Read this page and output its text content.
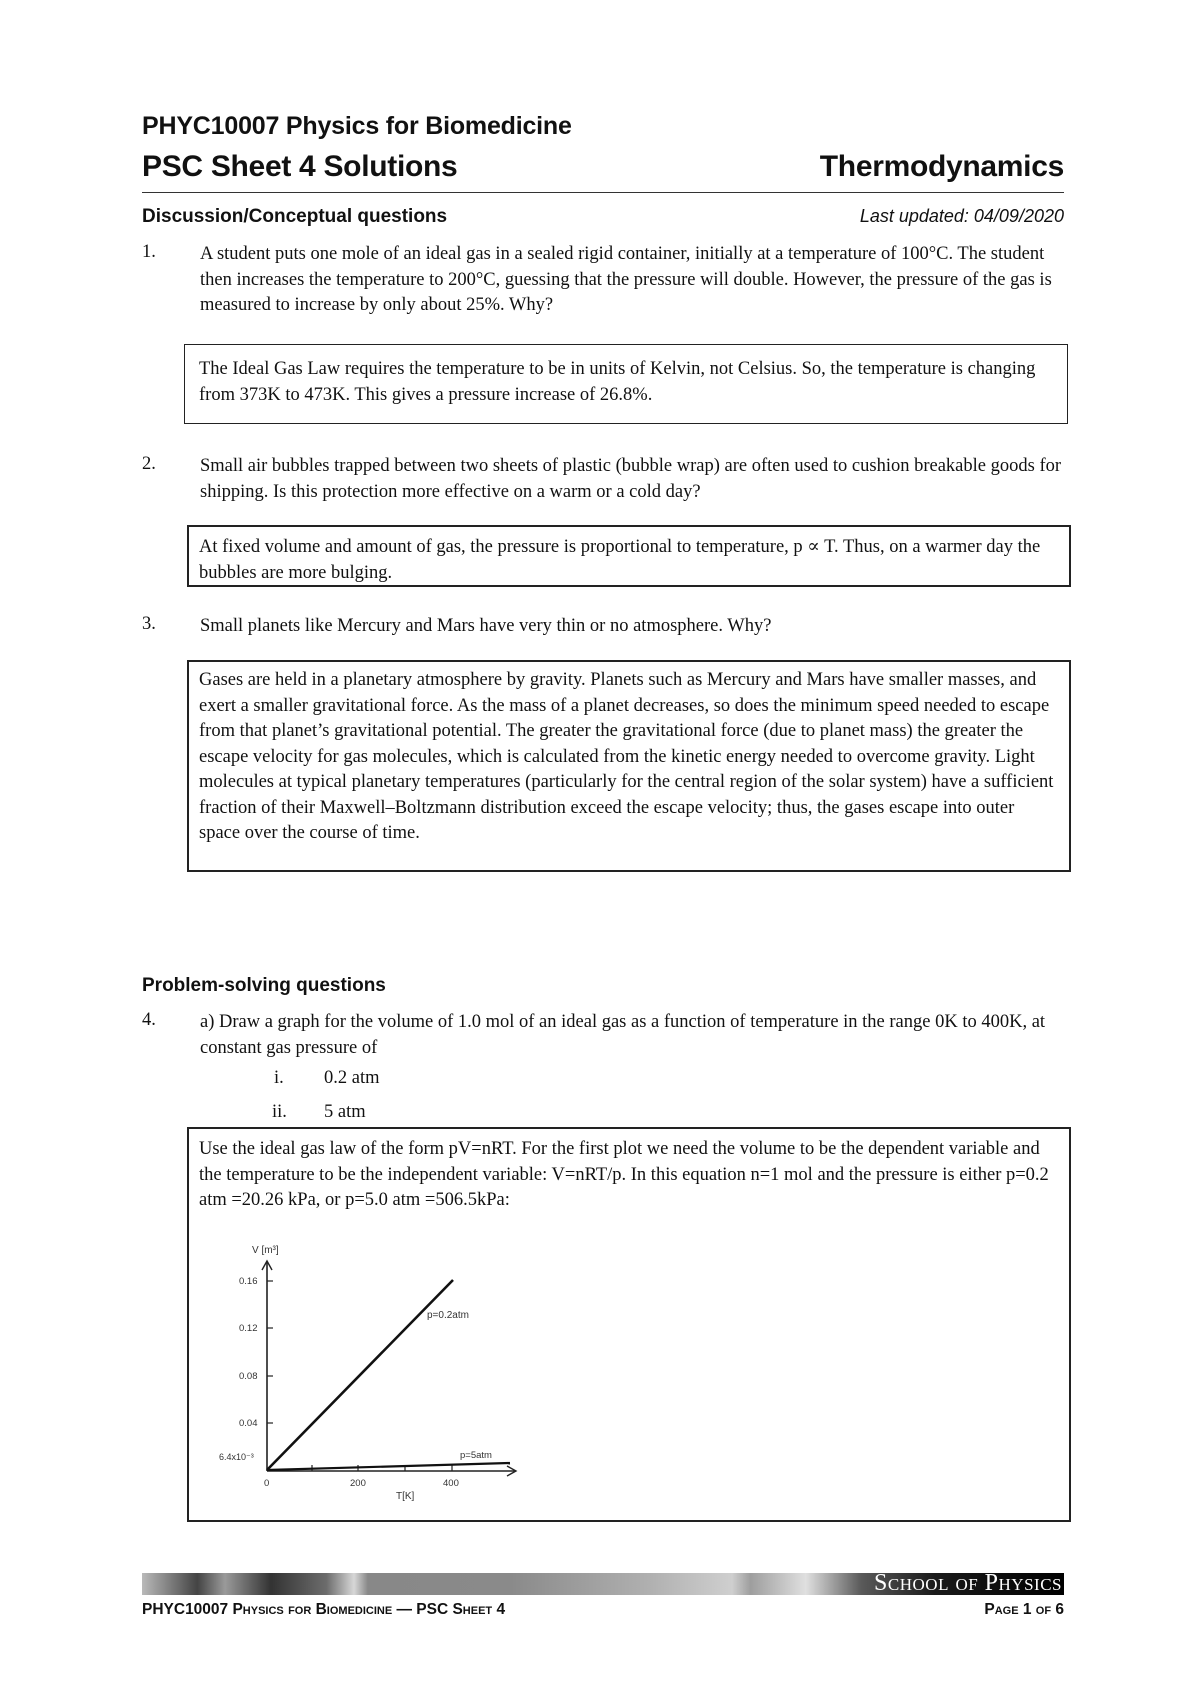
PHYC10007 Physics for Biomedicine
PSC Sheet 4 Solutions	Thermodynamics
Discussion/Conceptual questions	Last updated: 04/09/2020
1. A student puts one mole of an ideal gas in a sealed rigid container, initially at a temperature of 100°C. The student then increases the temperature to 200°C, guessing that the pressure will double. However, the pressure of the gas is measured to increase by only about 25%. Why?

The Ideal Gas Law requires the temperature to be in units of Kelvin, not Celsius. So, the temperature is changing from 373K to 473K. This gives a pressure increase of 26.8%.

2. Small air bubbles trapped between two sheets of plastic (bubble wrap) are often used to cushion breakable goods for shipping. Is this protection more effective on a warm or a cold day?

At fixed volume and amount of gas, the pressure is proportional to temperature, p ∝ T. Thus, on a warmer day the bubbles are more bulging.

3. Small planets like Mercury and Mars have very thin or no atmosphere. Why?

Gases are held in a planetary atmosphere by gravity. Planets such as Mercury and Mars have smaller masses, and exert a smaller gravitational force. As the mass of a planet decreases, so does the minimum speed needed to escape from that planet’s gravitational potential. The greater the gravitational force (due to planet mass) the greater the escape velocity for gas molecules, which is calculated from the kinetic energy needed to overcome gravity. Light molecules at typical planetary temperatures (particularly for the central region of the solar system) have a sufficient fraction of their Maxwell–Boltzmann distribution exceed the escape velocity; thus, the gases escape into outer space over the course of time.

Problem-solving questions
4. a) Draw a graph for the volume of 1.0 mol of an ideal gas as a function of temperature in the range 0K to 400K, at constant gas pressure of
i. 0.2 atm
ii. 5 atm

Use the ideal gas law of the form pV=nRT. For the first plot we need the volume to be the dependent variable and the temperature to be the independent variable: V=nRT/p. In this equation n=1 mol and the pressure is either p=0.2 atm =20.26 kPa, or p=5.0 atm =506.5kPa:

V [m³]
0.16
0.12
0.08
0.04
6.4x10⁻³
0	200	400
T[K]
p=0.2atm
p=5atm
School of Physics
PHYC10007 Physics for Biomedicine — PSC Sheet 4	Page 1 of 6
